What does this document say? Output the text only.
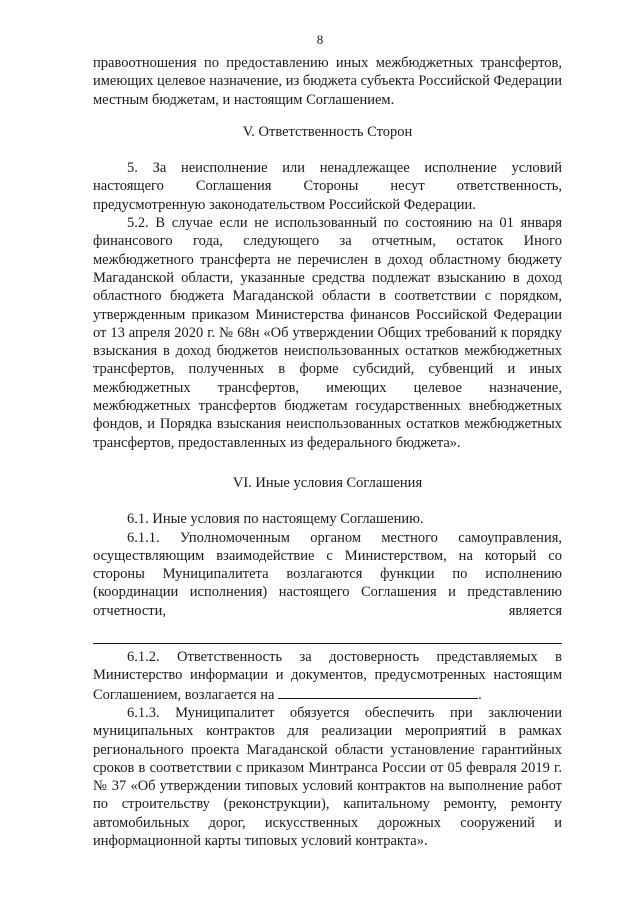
8

правоотношения по предоставлению иных межбюджетных трансфертов, имеющих целевое назначение, из бюджета субъекта Российской Федерации местным бюджетам, и настоящим Соглашением.

V. Ответственность Сторон

5. За неисполнение или ненадлежащее исполнение условий настоящего Соглашения Стороны несут ответственность, предусмотренную законодательством Российской Федерации.

5.2. В случае если не использованный по состоянию на 01 января финансового года, следующего за отчетным, остаток Иного межбюджетного трансферта не перечислен в доход областному бюджету Магаданской области, указанные средства подлежат взысканию в доход областного бюджета Магаданской области в соответствии с порядком, утвержденным приказом Министерства финансов Российской Федерации от 13 апреля 2020 г. № 68н «Об утверждении Общих требований к порядку взыскания в доход бюджетов неиспользованных остатков межбюджетных трансфертов, полученных в форме субсидий, субвенций и иных межбюджетных трансфертов, имеющих целевое назначение, межбюджетных трансфертов бюджетам государственных внебюджетных фондов, и Порядка взыскания неиспользованных остатков межбюджетных трансфертов, предоставленных из федерального бюджета».

VI. Иные условия Соглашения

6.1. Иные условия по настоящему Соглашению.

6.1.1. Уполномоченным органом местного самоуправления, осуществляющим взаимодействие с Министерством, на который со стороны Муниципалитета возлагаются функции по исполнению (координации исполнения) настоящего Соглашения и представлению отчетности, является

6.1.2. Ответственность за достоверность представляемых в Министерство информации и документов, предусмотренных настоящим Соглашением, возлагается на	.

6.1.3. Муниципалитет обязуется обеспечить при заключении муниципальных контрактов для реализации мероприятий в рамках регионального проекта Магаданской области установление гарантийных сроков в соответствии с приказом Минтранса России от 05 февраля 2019 г. № 37 «Об утверждении типовых условий контрактов на выполнение работ по строительству (реконструкции), капитальному ремонту, ремонту автомобильных дорог, искусственных дорожных сооружений и информационной карты типовых условий контракта».
